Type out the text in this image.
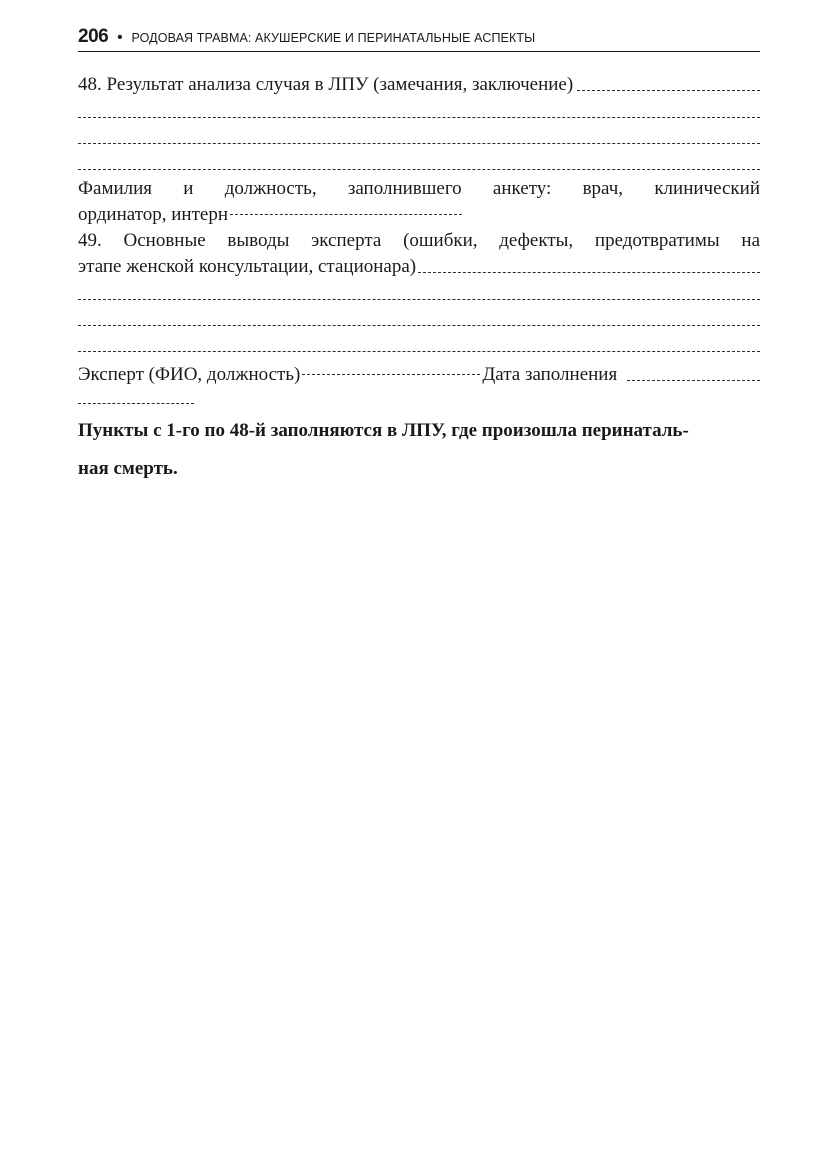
206 • РОДОВАЯ ТРАВМА: АКУШЕРСКИЕ И ПЕРИНАТАЛЬНЫЕ АСПЕКТЫ
48. Результат анализа случая в ЛПУ (замечания, заключение)
Фамилия и должность, заполнившего анкету: врач, клинический
ординатор, интерн
49. Основные выводы эксперта (ошибки, дефекты, предотвратимы на
этапе женской консультации, стационара)
Эксперт (ФИО, должность)	Дата заполнения
Пункты с 1-го по 48-й заполняются в ЛПУ, где произошла перинаталь-
ная смерть.
